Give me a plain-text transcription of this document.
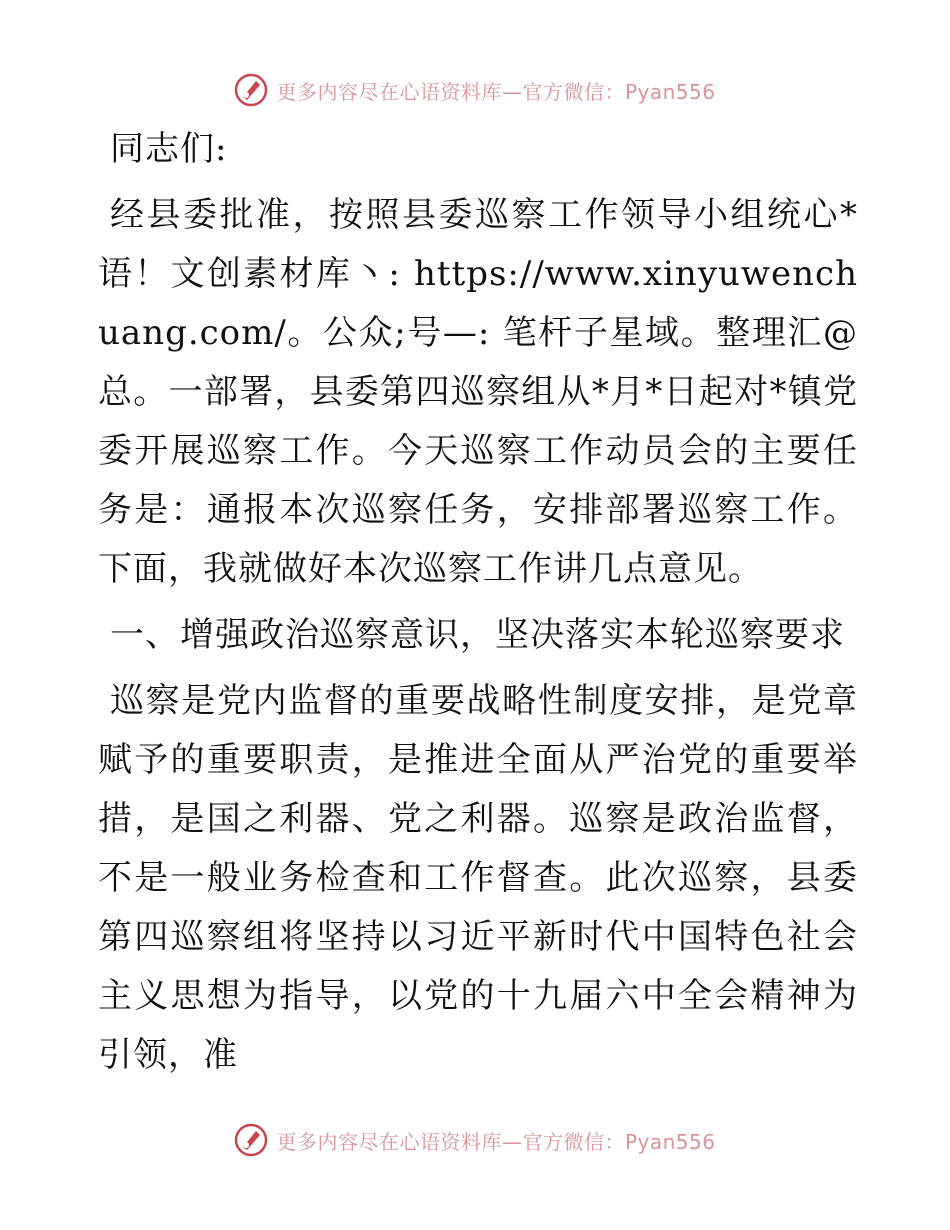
更多内容尽在心语资料库—官方微信：Pyan556

同志们:

经县委批准，按照县委巡察工作领导小组统心*语！文创素材库丶: https://www.xinyuwenchuang.com/。公众;号—: 笔杆子星域。整理汇@总。一部署，县委第四巡察组从*月*日起对*镇党委开展巡察工作。今天巡察工作动员会的主要任务是：通报本次巡察任务，安排部署巡察工作。下面，我就做好本次巡察工作讲几点意见。

一、增强政治巡察意识，坚决落实本轮巡察要求

巡察是党内监督的重要战略性制度安排，是党章赋予的重要职责，是推进全面从严治党的重要举措，是国之利器、党之利器。巡察是政治监督，不是一般业务检查和工作督查。此次巡察，县委第四巡察组将坚持以习近平新时代中国特色社会主义思想为指导，以党的十九届六中全会精神为引领，准

更多内容尽在心语资料库—官方微信：Pyan556
